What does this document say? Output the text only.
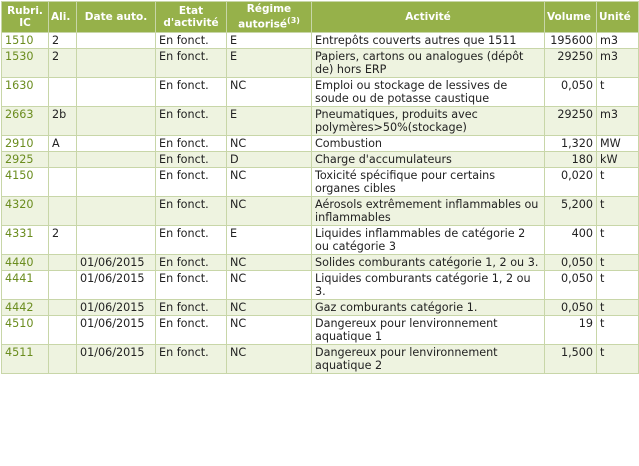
Rubri. IC	Ali.	Date auto.	Etat d'activité	Régime autorisé$^{(3)}$	Activité	Volume	Unité
1510	2		En fonct.	E	Entrepôts couverts autres que 1511	195600	m3
1530	2		En fonct.	E	Papiers, cartons ou analogues (dépôt de) hors ERP	29250	m3
1630			En fonct.	NC	Emploi ou stockage de lessives de soude ou de potasse caustique	0,050	t
2663	2b		En fonct.	E	Pneumatiques, produits avec polymères>50%(stockage)	29250	m3
2910	A		En fonct.	NC	Combustion	1,320	MW
2925			En fonct.	D	Charge d'accumulateurs	180	kW
4150			En fonct.	NC	Toxicité spécifique pour certains organes cibles	0,020	t
4320			En fonct.	NC	Aérosols extrêmement inflammables ou inflammables	5,200	t
4331	2		En fonct.	E	Liquides inflammables de catégorie 2 ou catégorie 3	400	t
4440		01/06/2015	En fonct.	NC	Solides comburants catégorie 1, 2 ou 3.	0,050	t
4441		01/06/2015	En fonct.	NC	Liquides comburants catégorie 1, 2 ou 3.	0,050	t
4442		01/06/2015	En fonct.	NC	Gaz comburants catégorie 1.	0,050	t
4510		01/06/2015	En fonct.	NC	Dangereux pour lenvironnement aquatique 1	19	t
4511		01/06/2015	En fonct.	NC	Dangereux pour lenvironnement aquatique 2	1,500	t
